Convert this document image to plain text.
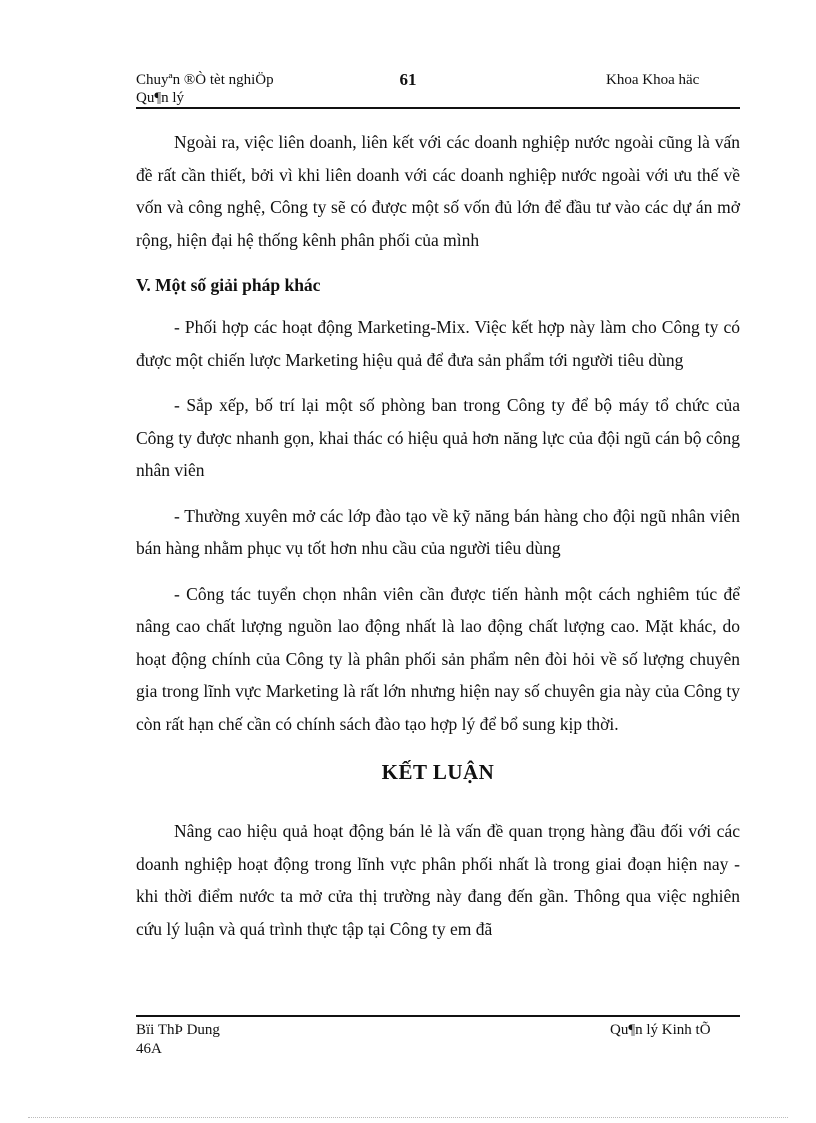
Chuyªn ®Ò tèt nghiÖp
Qu¶n lý
61	Khoa Khoa häc

Ngoài ra, việc liên doanh, liên kết với các doanh nghiệp nước ngoài cũng là vấn đề rất cần thiết, bởi vì khi liên doanh với các doanh nghiệp nước ngoài với ưu thế về vốn và công nghệ, Công ty sẽ có được một số vốn đủ lớn để đầu tư vào các dự án mở rộng, hiện đại hệ thống kênh phân phối của mình

V. Một số giải pháp khác

- Phối hợp các hoạt động Marketing-Mix. Việc kết hợp này làm cho Công ty có được một chiến lược Marketing hiệu quả để đưa sản phẩm tới người tiêu dùng

- Sắp xếp, bố trí lại một số phòng ban trong Công ty để bộ máy tổ chức của Công ty được nhanh gọn, khai thác có hiệu quả hơn năng lực của đội ngũ cán bộ công nhân viên

- Thường xuyên mở các lớp đào tạo về kỹ năng bán hàng cho đội ngũ nhân viên bán hàng nhằm phục vụ tốt hơn nhu cầu của người tiêu dùng

- Công tác tuyển chọn nhân viên cần được tiến hành một cách nghiêm túc để nâng cao chất lượng nguồn lao động nhất là lao động chất lượng cao. Mặt khác, do hoạt động chính của Công ty là phân phối sản phẩm nên đòi hỏi về số lượng chuyên gia trong lĩnh vực Marketing là rất lớn nhưng hiện nay số chuyên gia này của Công ty còn rất hạn chế cần có chính sách đào tạo hợp lý để bổ sung kịp thời.

KẾT LUẬN

Nâng cao hiệu quả hoạt động bán lẻ là vấn đề quan trọng hàng đầu đối với các doanh nghiệp hoạt động trong lĩnh vực phân phối nhất là trong giai đoạn hiện nay - khi thời điểm nước ta mở cửa thị trường này đang đến gần. Thông qua việc nghiên cứu lý luận và quá trình thực tập tại Công ty em đã

Bïi ThÞ Dung
46A
Qu¶n lý Kinh tÕ
